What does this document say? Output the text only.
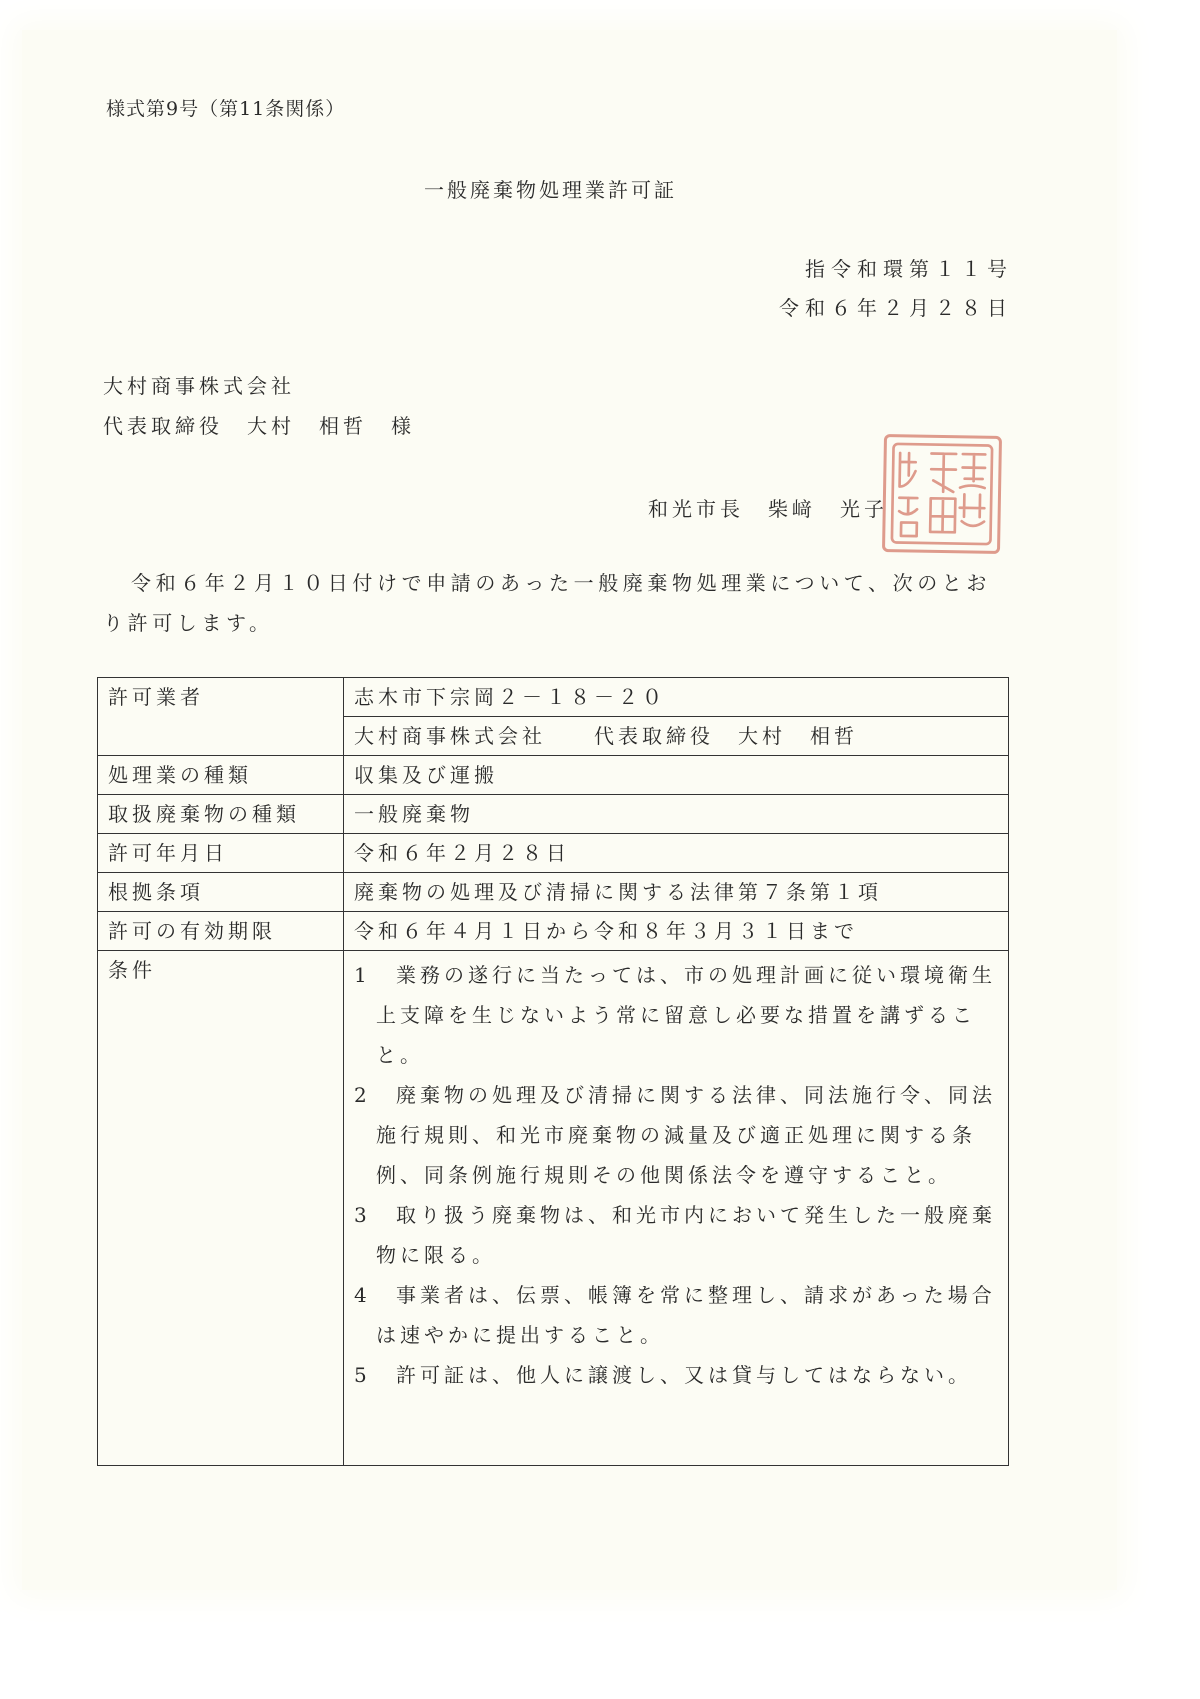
様式第9号（第11条関係）
一般廃棄物処理業許可証
指令和環第１１号
令和６年２月２８日
大村商事株式会社
代表取締役　大村　相哲　様
和光市長　柴﨑　光子
令和６年２月１０日付けで申請のあった一般廃棄物処理業について、次のとおり許可します。
許可業者	志木市下宗岡２－１８－２０
	大村商事株式会社　　代表取締役　大村　相哲
処理業の種類	収集及び運搬
取扱廃棄物の種類	一般廃棄物
許可年月日	令和６年２月２８日
根拠条項	廃棄物の処理及び清掃に関する法律第７条第１項
許可の有効期限	令和６年４月１日から令和８年３月３１日まで
条件	1 業務の遂行に当たっては、市の処理計画に従い環境衛生上支障を生じないよう常に留意し必要な措置を講ずること。
2 廃棄物の処理及び清掃に関する法律、同法施行令、同法施行規則、和光市廃棄物の減量及び適正処理に関する条例、同条例施行規則その他関係法令を遵守すること。
3 取り扱う廃棄物は、和光市内において発生した一般廃棄物に限る。
4 事業者は、伝票、帳簿を常に整理し、請求があった場合は速やかに提出すること。
5 許可証は、他人に譲渡し、又は貸与してはならない。
